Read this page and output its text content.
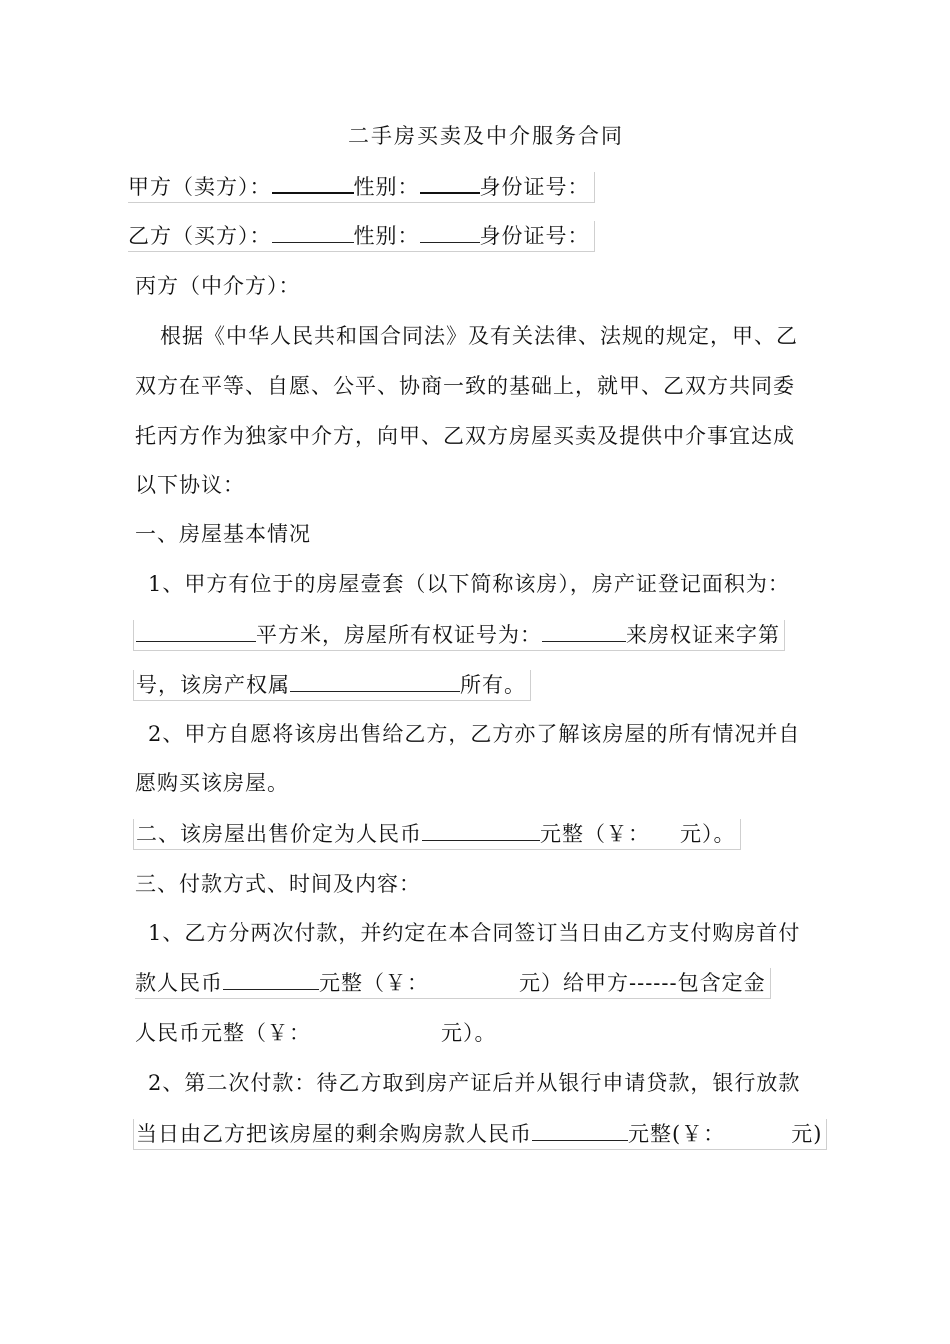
二手房买卖及中介服务合同
甲方（卖方）：	性别：	身份证号：
乙方（买方）：	性别：	身份证号：
丙方（中介方）：
根据《中华人民共和国合同法》及有关法律、法规的规定，甲、乙
双方在平等、自愿、公平、协商一致的基础上，就甲、乙双方共同委
托丙方作为独家中介方，向甲、乙双方房屋买卖及提供中介事宜达成
以下协议：
一、房屋基本情况
1、甲方有位于的房屋壹套（以下简称该房），房产证登记面积为：
平方米，房屋所有权证号为：	来房权证来字第
号，该房产权属	所有。
2、甲方自愿将该房出售给乙方，乙方亦了解该房屋的所有情况并自
愿购买该房屋。
二、该房屋出售价定为人民币	元整（￥： 元）。
三、付款方式、时间及内容：
1、乙方分两次付款，并约定在本合同签订当日由乙方支付购房首付
款人民币	元整（￥：	元）给甲方------包含定金
人民币元整（￥：	元）。
2、第二次付款：待乙方取到房产证后并从银行申请贷款，银行放款
当日由乙方把该房屋的剩余购房款人民币	元整(￥：	元)
